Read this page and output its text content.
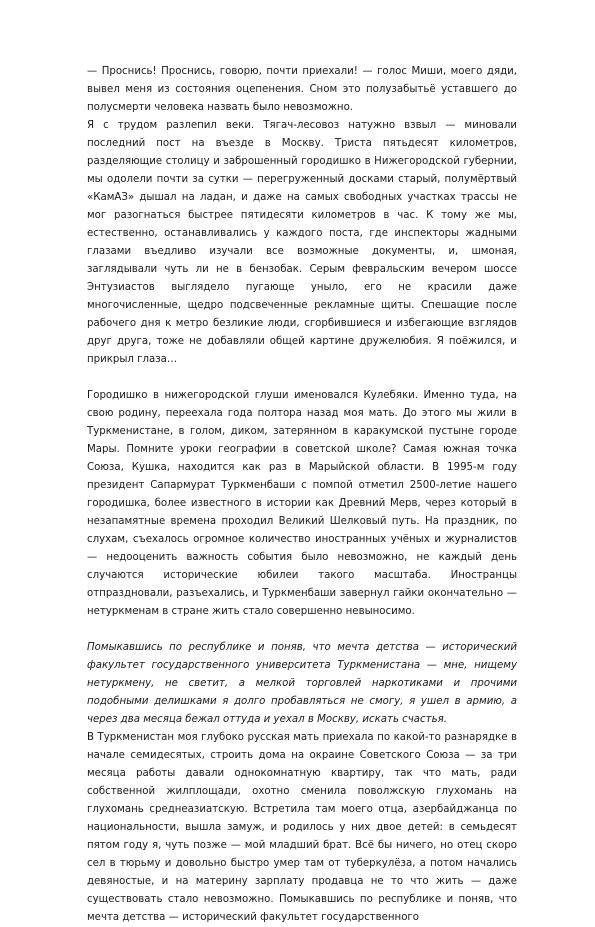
— Проснись! Проснись, говорю, почти приехали! — голос Миши, моего дяди, вывел меня из состояния оцепенения. Сном это полузабытьё уставшего до полусмерти человека назвать было невозможно.

Я с трудом разлепил веки. Тягач-лесовоз натужно взвыл — миновали последний пост на въезде в Москву. Триста пятьдесят километров, разделяющие столицу и заброшенный городишко в Нижегородской губернии, мы одолели почти за сутки — перегруженный досками старый, полумёртвый «КамАЗ» дышал на ладан, и даже на самых свободных участках трассы не мог разогнаться быстрее пятидесяти километров в час. К тому же мы, естественно, останавливались у каждого поста, где инспекторы жадными глазами въедливо изучали все возможные документы, и, шмоная, заглядывали чуть ли не в бензобак. Серым февральским вечером шоссе Энтузиастов выглядело пугающе уныло, его не красили даже многочисленные, щедро подсвеченные рекламные щиты. Спешащие после рабочего дня к метро безликие люди, сгорбившиеся и избегающие взглядов друг друга, тоже не добавляли общей картине дружелюбия. Я поёжился, и прикрыл глаза…

Городишко в нижегородской глуши именовался Кулебяки. Именно туда, на свою родину, переехала года полтора назад моя мать. До этого мы жили в Туркменистане, в голом, диком, затерянном в каракумской пустыне городе Мары. Помните уроки географии в советской школе? Самая южная точка Союза, Кушка, находится как раз в Марыйской области. В 1995-м году президент Сапармурат Туркменбаши с помпой отметил 2500-летие нашего городишка, более известного в истории как Древний Мерв, через который в незапамятные времена проходил Великий Шелковый путь. На праздник, по слухам, съехалось огромное количество иностранных учёных и журналистов — недооценить важность события было невозможно, не каждый день случаются исторические юбилеи такого масштаба. Иностранцы отпраздновали, разъехались, и Туркменбаши завернул гайки окончательно — нетуркменам в стране жить стало совершенно невыносимо.

Помыкавшись по республике и поняв, что мечта детства — исторический факультет государственного университета Туркменистана — мне, нищему нетуркмену, не светит, а мелкой торговлей наркотиками и прочими подобными делишками я долго пробавляться не смогу, я ушел в армию, а через два месяца бежал оттуда и уехал в Москву, искать счастья.

В Туркменистан моя глубоко русская мать приехала по какой-то разнарядке в начале семидесятых, строить дома на окраине Советского Союза — за три месяца работы давали однокомнатную квартиру, так что мать, ради собственной жилплощади, охотно сменила поволжскую глухомань на глухомань среднеазиатскую. Встретила там моего отца, азербайджанца по национальности, вышла замуж, и родилось у них двое детей: в семьдесят пятом году я, чуть позже — мой младший брат. Всё бы ничего, но отец скоро сел в тюрьму и довольно быстро умер там от туберкулёза, а потом начались девяностые, и на материну зарплату продавца не то что жить — даже существовать стало невозможно. Помыкавшись по республике и поняв, что мечта детства — исторический факультет государственного
